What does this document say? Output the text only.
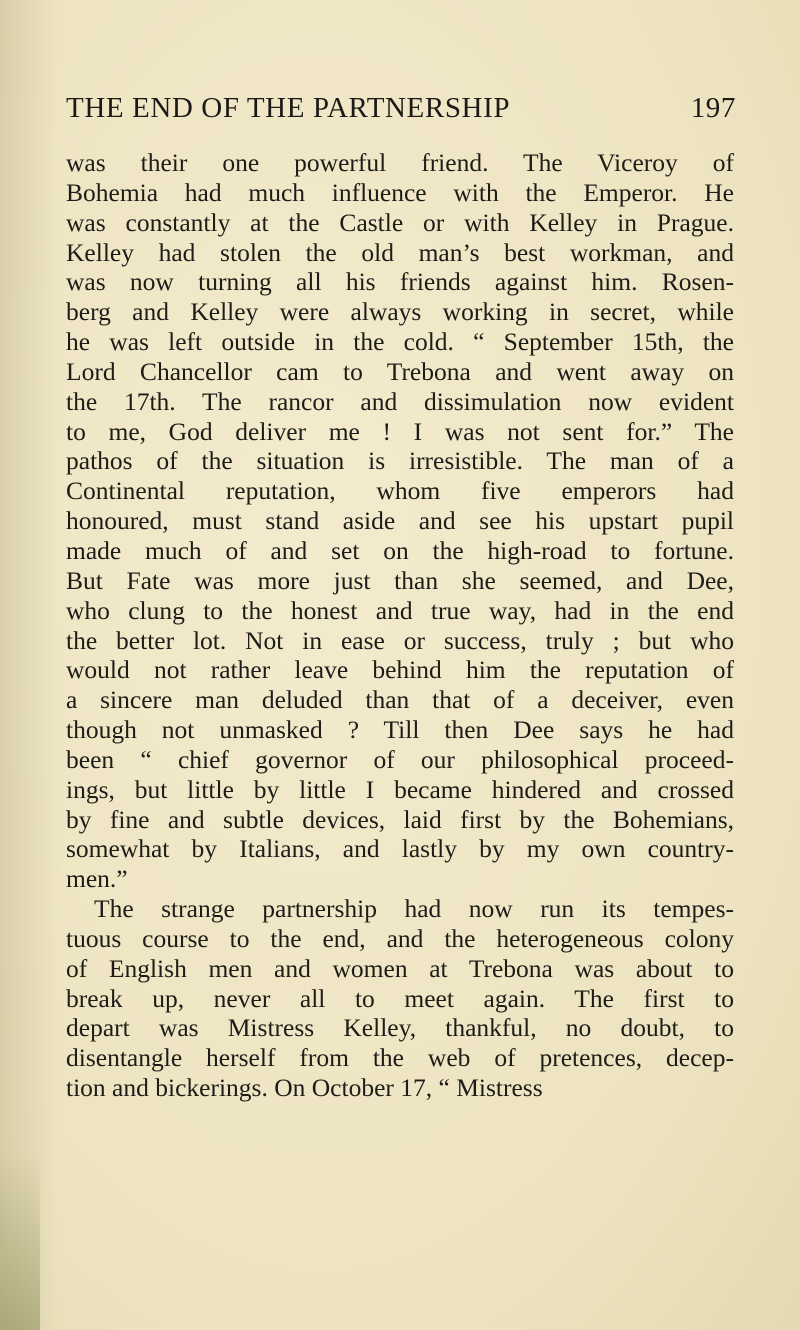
THE END OF THE PARTNERSHIP	197
was their one powerful friend. The Viceroy of
Bohemia had much influence with the Emperor. He
was constantly at the Castle or with Kelley in Prague.
Kelley had stolen the old man’s best workman, and
was now turning all his friends against him. Rosen-
berg and Kelley were always working in secret, while
he was left outside in the cold. “ September 15th, the
Lord Chancellor cam to Trebona and went away on
the 17th. The rancor and dissimulation now evident
to me, God deliver me ! I was not sent for.” The
pathos of the situation is irresistible. The man of a
Continental reputation, whom five emperors had
honoured, must stand aside and see his upstart pupil
made much of and set on the high-road to fortune.
But Fate was more just than she seemed, and Dee,
who clung to the honest and true way, had in the end
the better lot. Not in ease or success, truly ; but who
would not rather leave behind him the reputation of
a sincere man deluded than that of a deceiver, even
though not unmasked ? Till then Dee says he had
been “ chief governor of our philosophical proceed-
ings, but little by little I became hindered and crossed
by fine and subtle devices, laid first by the Bohemians,
somewhat by Italians, and lastly by my own country-
men.”
The strange partnership had now run its tempes-
tuous course to the end, and the heterogeneous colony
of English men and women at Trebona was about to
break up, never all to meet again. The first to
depart was Mistress Kelley, thankful, no doubt, to
disentangle herself from the web of pretences, decep-
tion and bickerings. On October 17, “ Mistress
